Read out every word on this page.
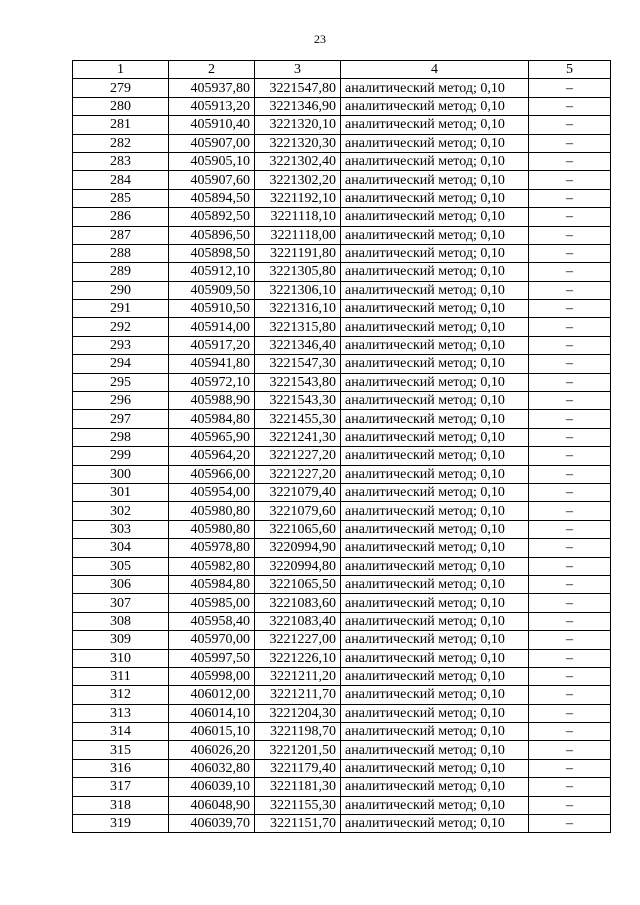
23
1	2	3	4	5
279	405937,80	3221547,80	аналитический метод; 0,10	–
280	405913,20	3221346,90	аналитический метод; 0,10	–
281	405910,40	3221320,10	аналитический метод; 0,10	–
282	405907,00	3221320,30	аналитический метод; 0,10	–
283	405905,10	3221302,40	аналитический метод; 0,10	–
284	405907,60	3221302,20	аналитический метод; 0,10	–
285	405894,50	3221192,10	аналитический метод; 0,10	–
286	405892,50	3221118,10	аналитический метод; 0,10	–
287	405896,50	3221118,00	аналитический метод; 0,10	–
288	405898,50	3221191,80	аналитический метод; 0,10	–
289	405912,10	3221305,80	аналитический метод; 0,10	–
290	405909,50	3221306,10	аналитический метод; 0,10	–
291	405910,50	3221316,10	аналитический метод; 0,10	–
292	405914,00	3221315,80	аналитический метод; 0,10	–
293	405917,20	3221346,40	аналитический метод; 0,10	–
294	405941,80	3221547,30	аналитический метод; 0,10	–
295	405972,10	3221543,80	аналитический метод; 0,10	–
296	405988,90	3221543,30	аналитический метод; 0,10	–
297	405984,80	3221455,30	аналитический метод; 0,10	–
298	405965,90	3221241,30	аналитический метод; 0,10	–
299	405964,20	3221227,20	аналитический метод; 0,10	–
300	405966,00	3221227,20	аналитический метод; 0,10	–
301	405954,00	3221079,40	аналитический метод; 0,10	–
302	405980,80	3221079,60	аналитический метод; 0,10	–
303	405980,80	3221065,60	аналитический метод; 0,10	–
304	405978,80	3220994,90	аналитический метод; 0,10	–
305	405982,80	3220994,80	аналитический метод; 0,10	–
306	405984,80	3221065,50	аналитический метод; 0,10	–
307	405985,00	3221083,60	аналитический метод; 0,10	–
308	405958,40	3221083,40	аналитический метод; 0,10	–
309	405970,00	3221227,00	аналитический метод; 0,10	–
310	405997,50	3221226,10	аналитический метод; 0,10	–
311	405998,00	3221211,20	аналитический метод; 0,10	–
312	406012,00	3221211,70	аналитический метод; 0,10	–
313	406014,10	3221204,30	аналитический метод; 0,10	–
314	406015,10	3221198,70	аналитический метод; 0,10	–
315	406026,20	3221201,50	аналитический метод; 0,10	–
316	406032,80	3221179,40	аналитический метод; 0,10	–
317	406039,10	3221181,30	аналитический метод; 0,10	–
318	406048,90	3221155,30	аналитический метод; 0,10	–
319	406039,70	3221151,70	аналитический метод; 0,10	–
